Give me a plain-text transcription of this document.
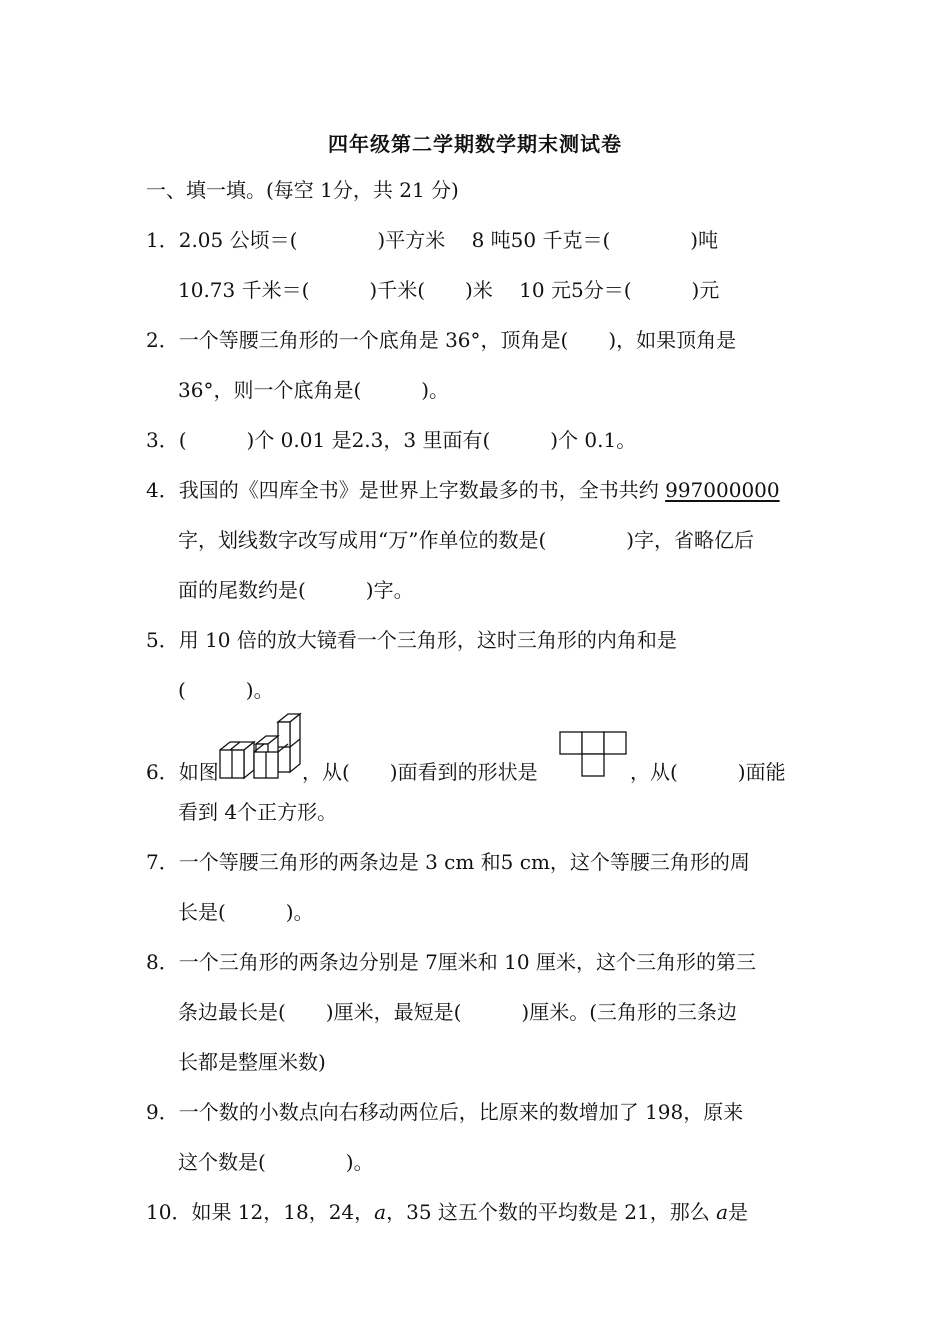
四年级第二学期数学期末测试卷
一、填一填。(每空 1分，共 21 分)
1．2.05 公顷＝(　　　　)平方米　 8 吨50 千克＝(　　　　)吨
10.73 千米＝(　　　)千米(　　)米　 10 元5分＝(　　　)元
2．一个等腰三角形的一个底角是 36°，顶角是(　　)，如果顶角是
36°，则一个底角是(　　　)。
3．(　　　)个 0.01 是2.3，3 里面有(　　　)个 0.1。
4．我国的《四库全书》是世界上字数最多的书，全书共约 997000000
字，划线数字改写成用“万”作单位的数是(　　　　)字，省略亿后
面的尾数约是(　　　)字。
5．用 10 倍的放大镜看一个三角形，这时三角形的内角和是
(　　　)。
6．如图	，从(　　)面看到的形状是	，从(　　　)面能
看到 4个正方形。
7．一个等腰三角形的两条边是 3 cm 和5 cm，这个等腰三角形的周
长是(　　　)。
8．一个三角形的两条边分别是 7厘米和 10 厘米，这个三角形的第三
条边最长是(　　)厘米，最短是(　　　)厘米。(三角形的三条边
长都是整厘米数)
9．一个数的小数点向右移动两位后，比原来的数增加了 198，原来
这个数是(　　　　)。
10．如果 12，18，24，a，35 这五个数的平均数是 21，那么 a是
